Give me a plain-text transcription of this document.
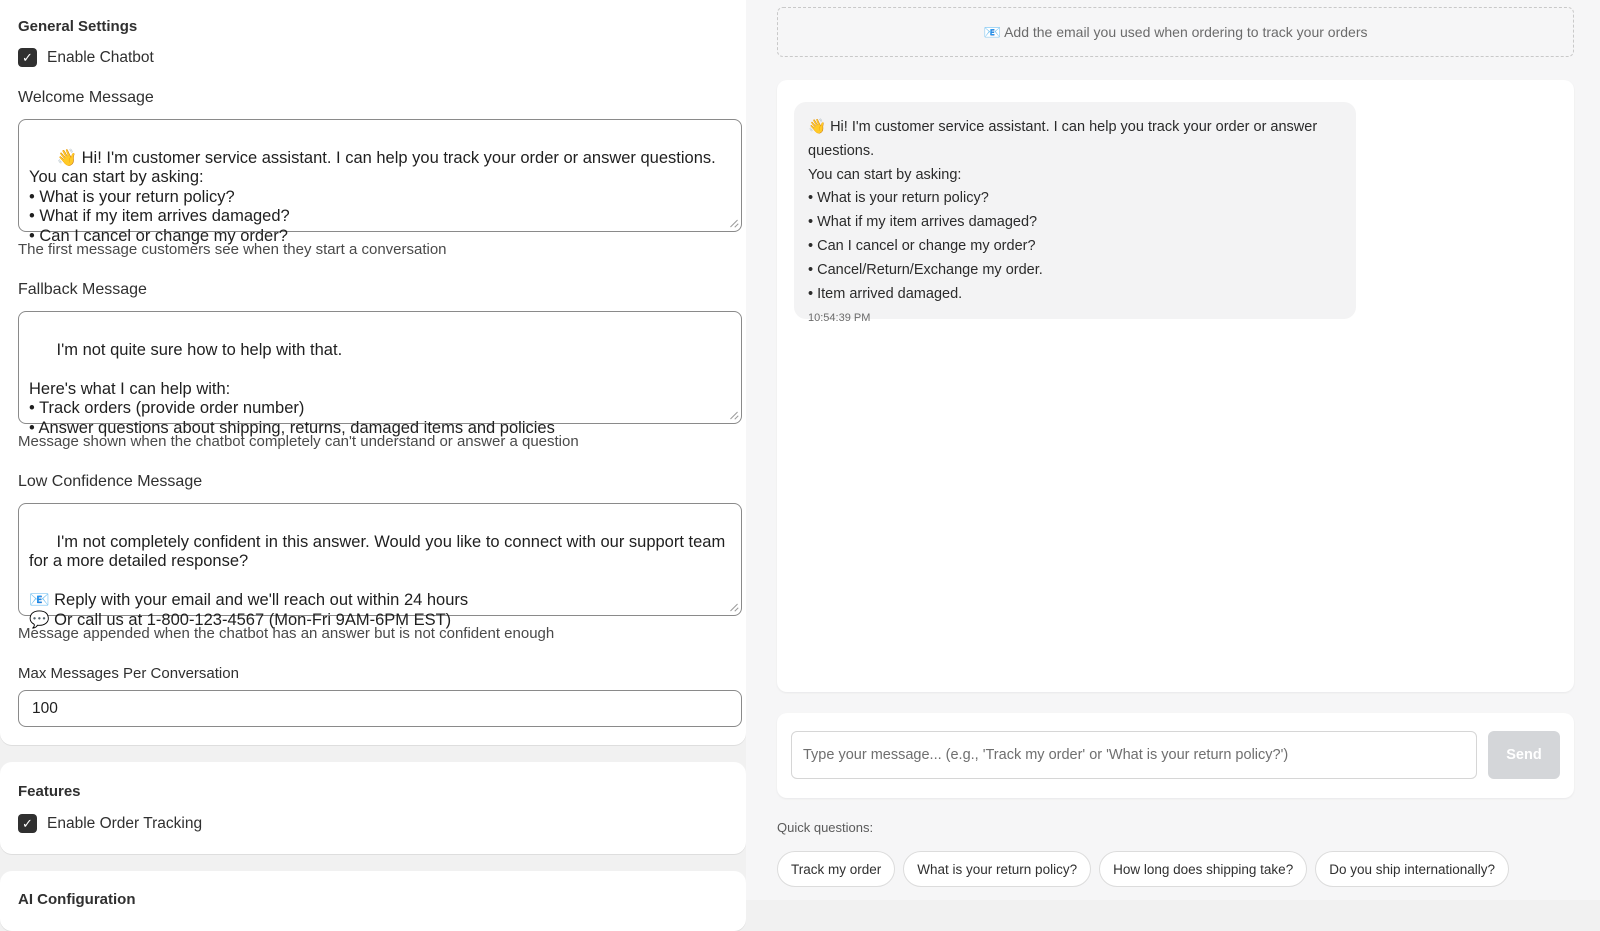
General Settings
✓ Enable Chatbot
Welcome Message

👋 Hi! I'm customer service assistant. I can help you track your order or answer questions. You can start by asking:
• What is your return policy?
• What if my item arrives damaged?
• Can I cancel or change my order?

The first message customers see when they start a conversation
Fallback Message

I'm not quite sure how to help with that.

Here's what I can help with:
• Track orders (provide order number)
• Answer questions about shipping, returns, damaged items and policies

Message shown when the chatbot completely can't understand or answer a question
Low Confidence Message

I'm not completely confident in this answer. Would you like to connect with our support team for a more detailed response?

📧 Reply with your email and we'll reach out within 24 hours
💬 Or call us at 1-800-123-4567 (Mon-Fri 9AM-6PM EST)

Message appended when the chatbot has an answer but is not confident enough
Max Messages Per Conversation
100
Features
✓ Enable Order Tracking
AI Configuration
📧 Add the email you used when ordering to track your orders
👋 Hi! I'm customer service assistant. I can help you track your order or answer questions.
You can start by asking:
• What is your return policy?
• What if my item arrives damaged?
• Can I cancel or change my order?
• Cancel/Return/Exchange my order.
• Item arrived damaged.
10:54:39 PM
Type your message... (e.g., 'Track my order' or 'What is your return policy?')	Send
Quick questions:
Track my order	What is your return policy?	How long does shipping take?	Do you ship internationally?
